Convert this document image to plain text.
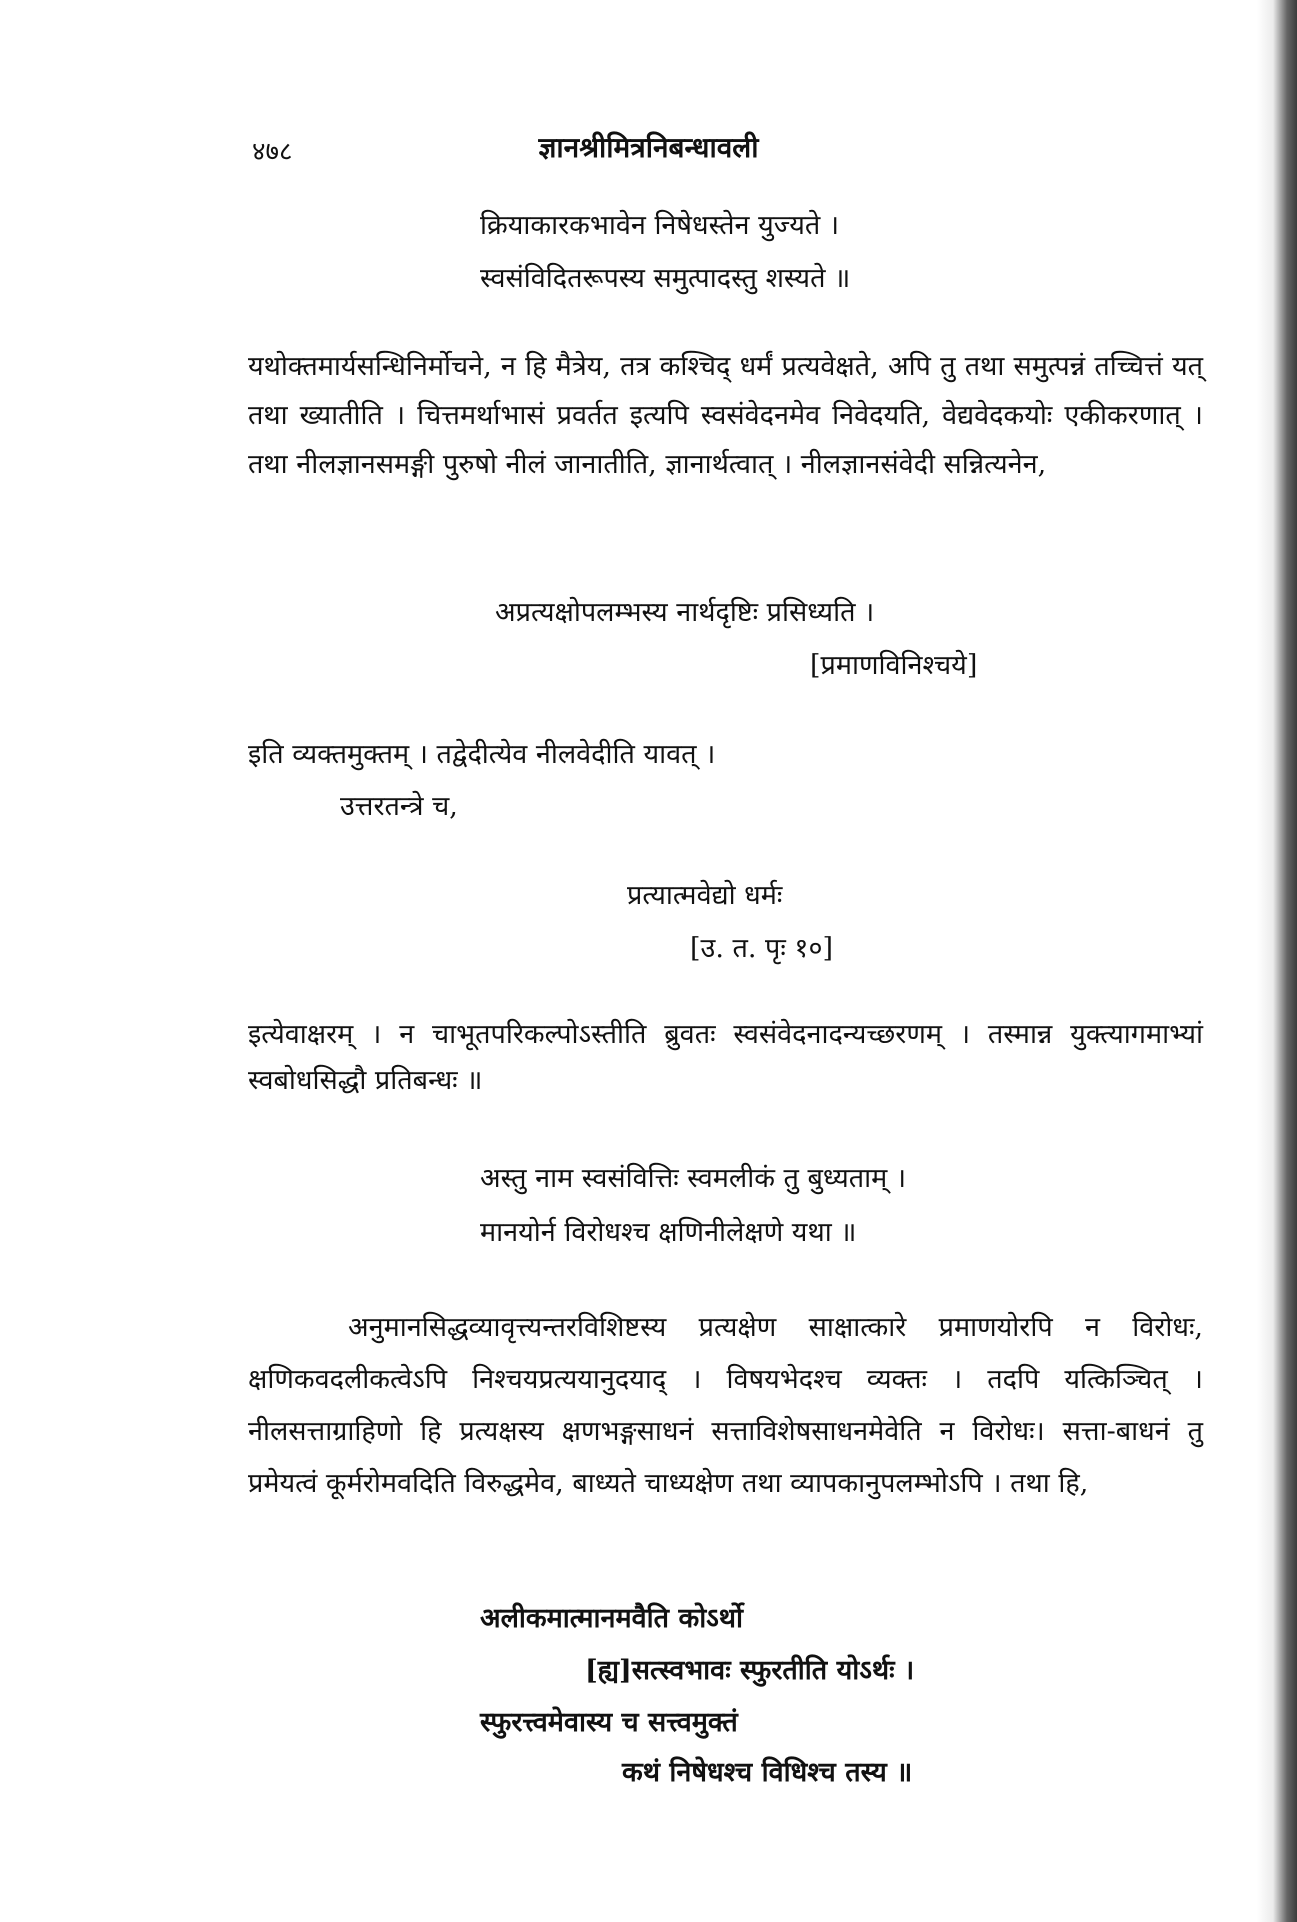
४७८	ज्ञानश्रीमित्रनिबन्धावली
क्रियाकारकभावेन निषेधस्तेन युज्यते ।
स्वसंविदितरूपस्य समुत्पादस्तु शस्यते ॥
यथोक्तमार्यसन्धिनिर्मोचने, न हि मैत्रेय, तत्र कश्चिद् धर्मं प्रत्यवेक्षते, अपि तु तथा समुत्पन्नं तच्चित्तं यत् तथा ख्यातीति । चित्तमर्थाभासं प्रवर्तत इत्यपि स्वसंवेदनमेव निवेदयति, वेद्यवेदकयोः एकीकरणात् । तथा नीलज्ञानसमङ्गी पुरुषो नीलं जानातीति, ज्ञानार्थत्वात् । नीलज्ञानसंवेदी सन्नित्यनेन,
अप्रत्यक्षोपलम्भस्य नार्थदृष्टिः प्रसिध्यति ।
[प्रमाणविनिश्चये]
इति व्यक्तमुक्तम् । तद्वेदीत्येव नीलवेदीति यावत् ।
उत्तरतन्त्रे च,
प्रत्यात्मवेद्यो धर्मः
[उ. त. पृः १०]
इत्येवाक्षरम् । न चाभूतपरिकल्पोऽस्तीति ब्रुवतः स्वसंवेदनादन्यच्छरणम् । तस्मान्न युक्त्यागमाभ्यां स्वबोधसिद्धौ प्रतिबन्धः ॥
अस्तु नाम स्वसंवित्तिः स्वमलीकं तु बुध्यताम् ।
मानयोर्न विरोधश्च क्षणिनीलेक्षणे यथा ॥
अनुमानसिद्धव्यावृत्त्यन्तरविशिष्टस्य प्रत्यक्षेण साक्षात्कारे प्रमाणयोरपि न विरोधः, क्षणिकवदलीकत्वेऽपि निश्चयप्रत्ययानुदयाद् । विषयभेदश्च व्यक्तः । तदपि यत्किञ्चित् । नीलसत्ताग्राहिणो हि प्रत्यक्षस्य क्षणभङ्गसाधनं सत्ताविशेषसाधनमेवेति न विरोधः। सत्ता-बाधनं तु प्रमेयत्वं कूर्मरोमवदिति विरुद्धमेव, बाध्यते चाध्यक्षेण तथा व्यापकानुपलम्भोऽपि । तथा हि,
अलीकमात्मानमवैति कोऽर्थो
[ह्य]सत्स्वभावः स्फुरतीति योऽर्थः ।
स्फुरत्त्वमेवास्य च सत्त्वमुक्तं
कथं निषेधश्च विधिश्च तस्य ॥
